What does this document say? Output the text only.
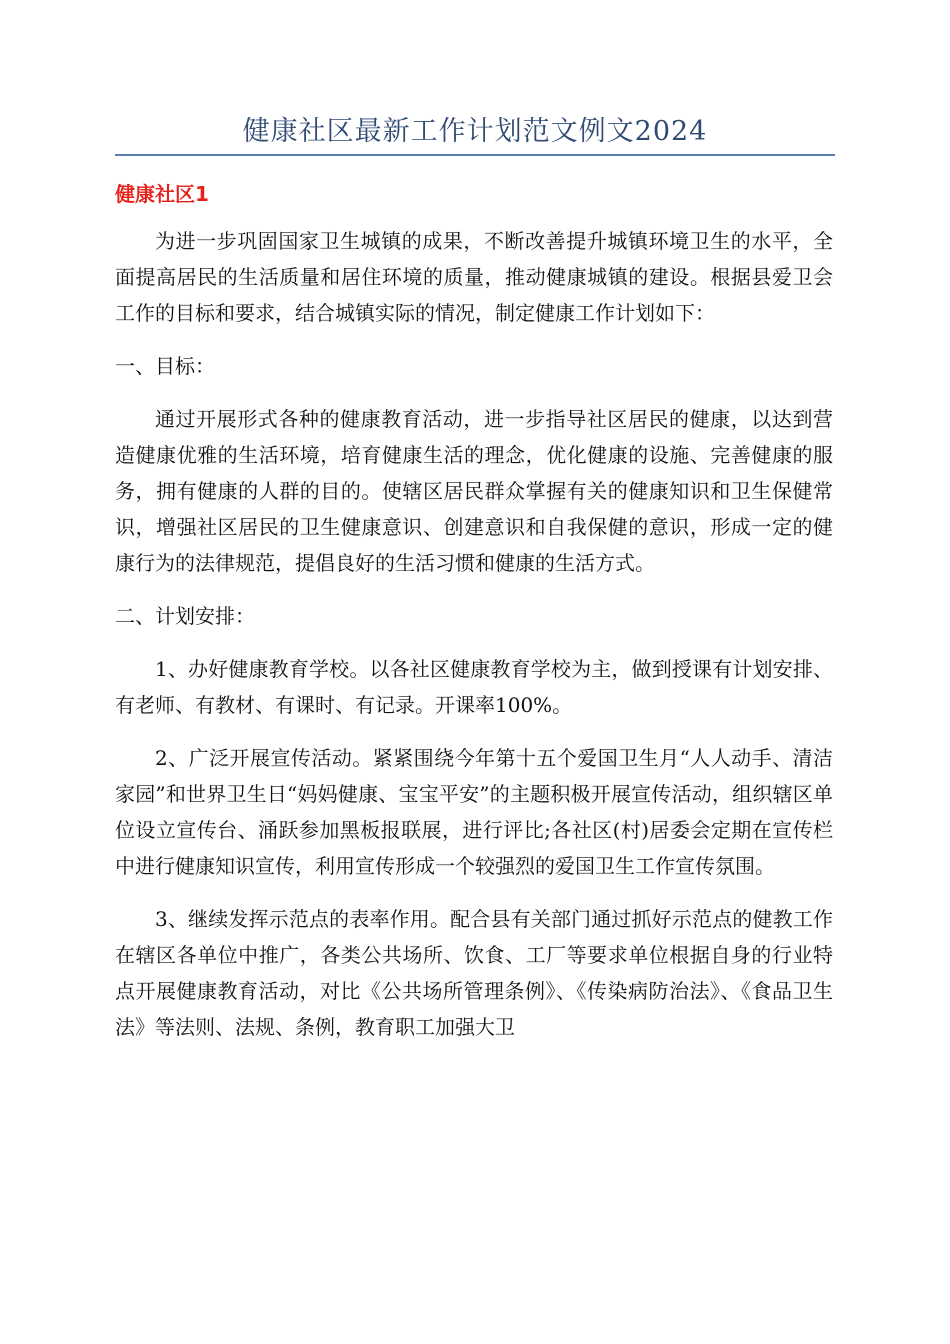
健康社区最新工作计划范文例文2024
健康社区1

为进一步巩固国家卫生城镇的成果，不断改善提升城镇环境卫生的水平，全面提高居民的生活质量和居住环境的质量，推动健康城镇的建设。根据县爱卫会工作的目标和要求，结合城镇实际的情况，制定健康工作计划如下：

一、目标：

通过开展形式各种的健康教育活动，进一步指导社区居民的健康，以达到营造健康优雅的生活环境，培育健康生活的理念，优化健康的设施、完善健康的服务，拥有健康的人群的目的。使辖区居民群众掌握有关的健康知识和卫生保健常识，增强社区居民的卫生健康意识、创建意识和自我保健的意识，形成一定的健康行为的法律规范，提倡良好的生活习惯和健康的生活方式。

二、计划安排：

1、办好健康教育学校。以各社区健康教育学校为主，做到授课有计划安排、有老师、有教材、有课时、有记录。开课率100%。

2、广泛开展宣传活动。紧紧围绕今年第十五个爱国卫生月“人人动手、清洁家园”和世界卫生日“妈妈健康、宝宝平安”的主题积极开展宣传活动，组织辖区单位设立宣传台、涌跃参加黑板报联展，进行评比;各社区(村)居委会定期在宣传栏中进行健康知识宣传，利用宣传形成一个较强烈的爱国卫生工作宣传氛围。

3、继续发挥示范点的表率作用。配合县有关部门通过抓好示范点的健教工作在辖区各单位中推广，各类公共场所、饮食、工厂等要求单位根据自身的行业特点开展健康教育活动，对比《公共场所管理条例》、《传染病防治法》、《食品卫生法》等法则、法规、条例，教育职工加强大卫
